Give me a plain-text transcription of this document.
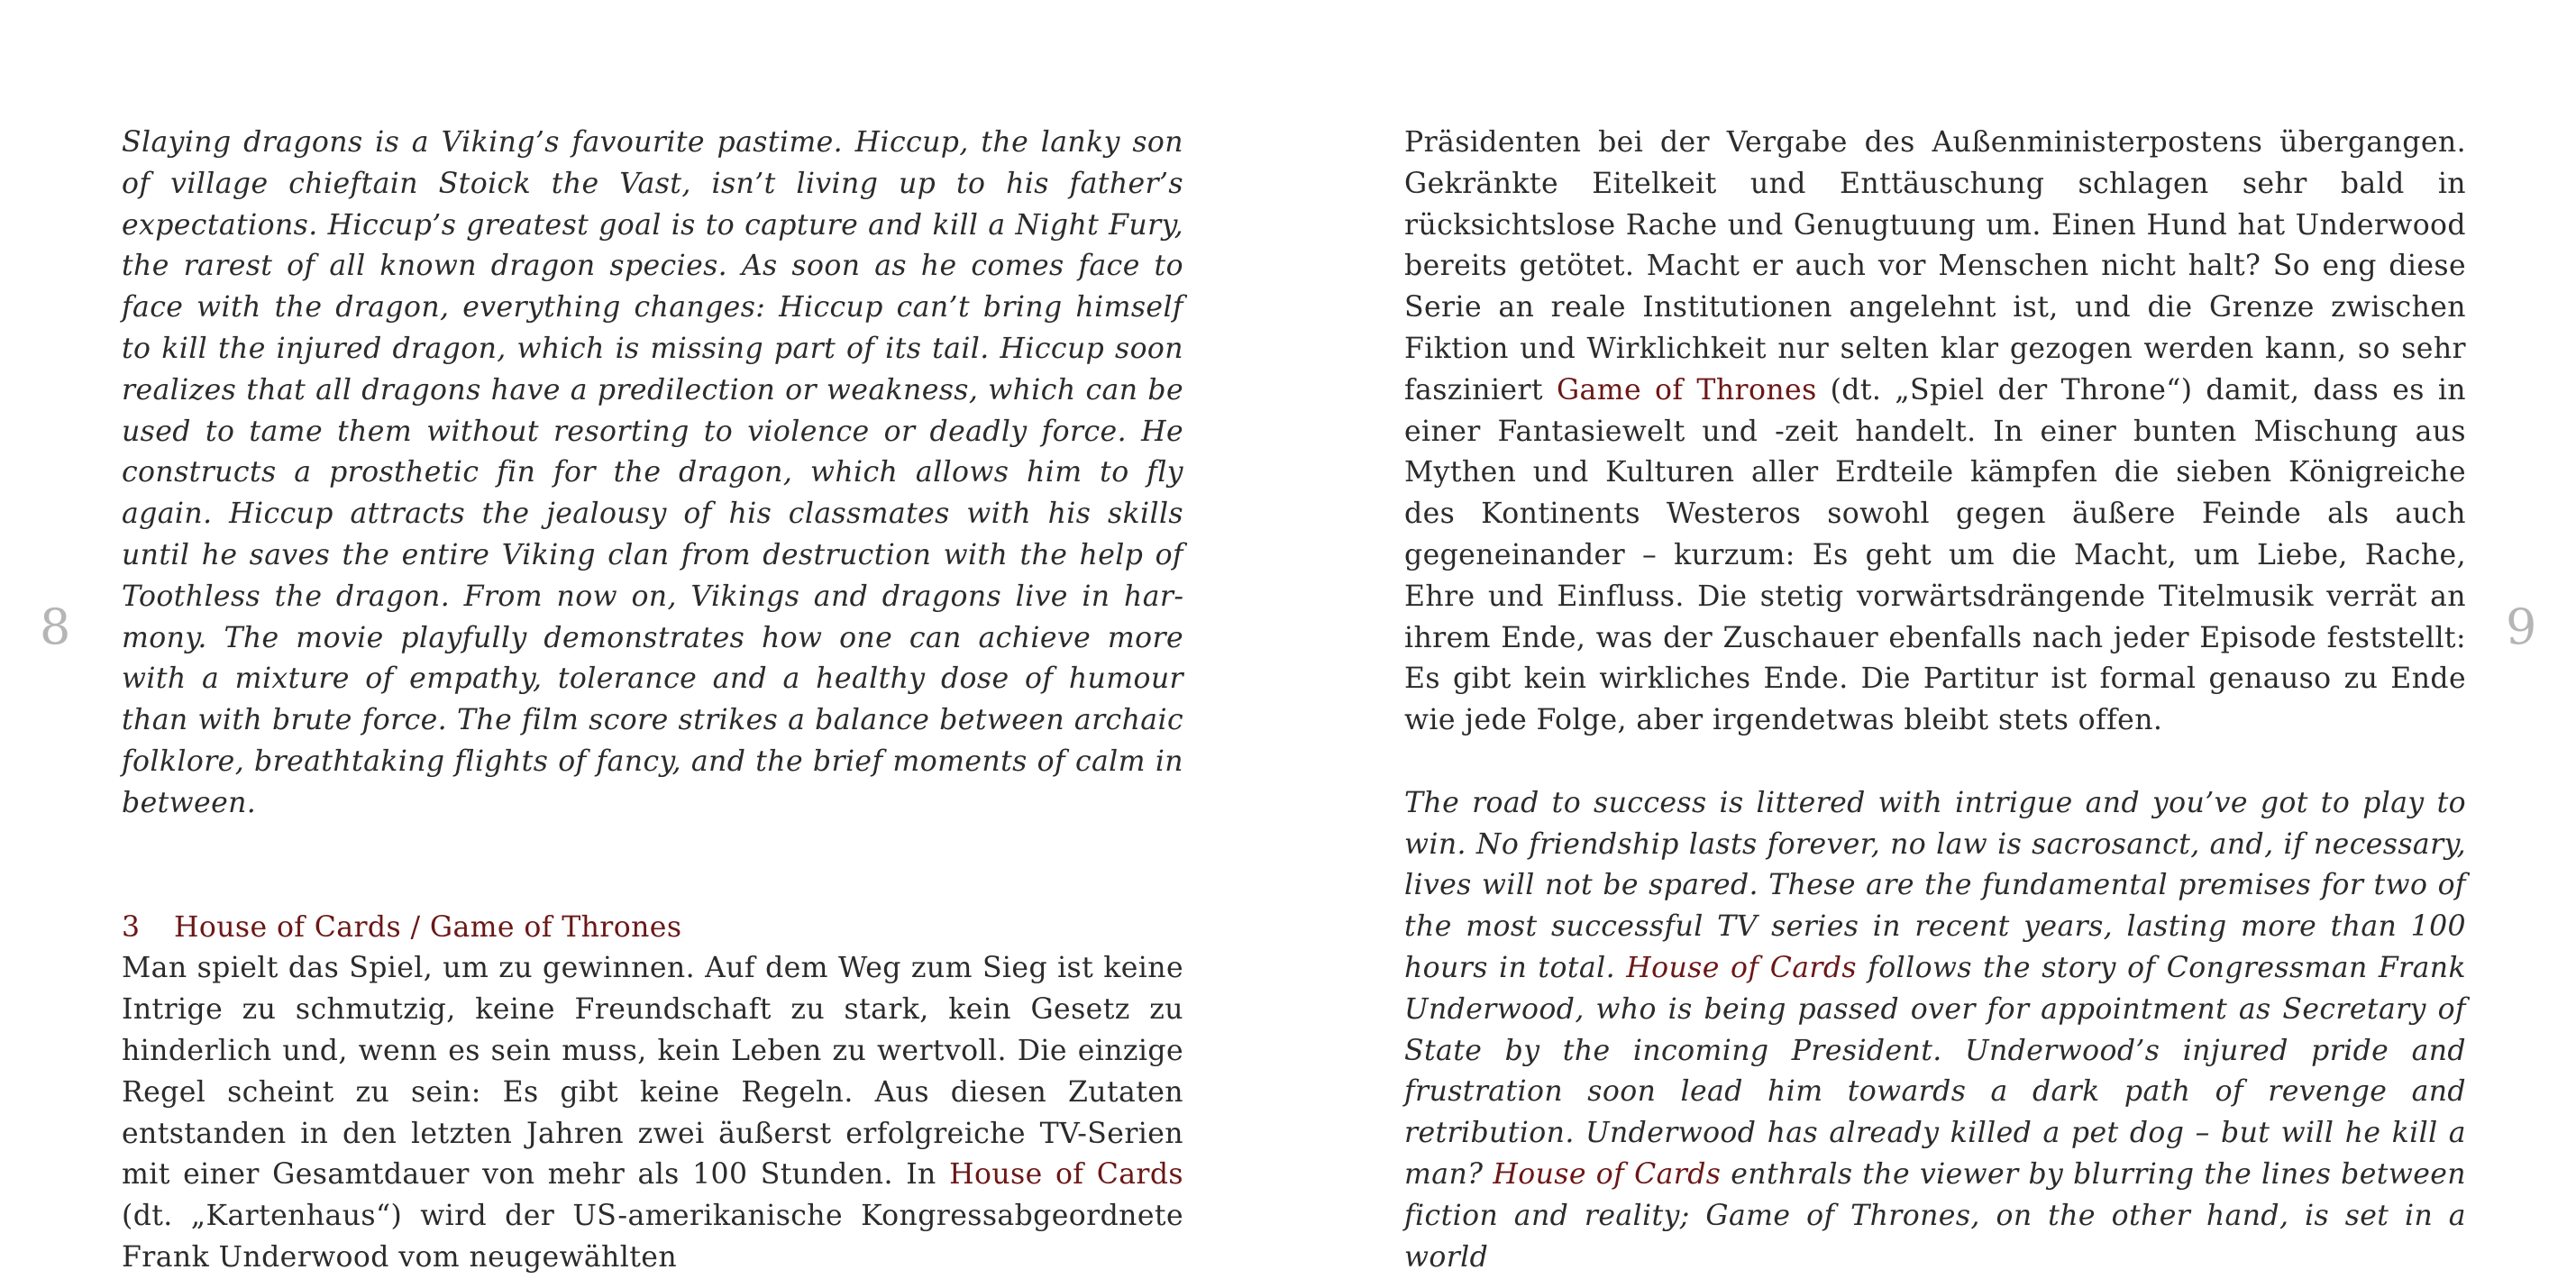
8

Slaying dragons is a Viking’s favourite pastime. Hiccup, the lanky son of village chieftain Stoick the Vast, isn’t living up to his father’s expectations. Hiccup’s greatest goal is to capture and kill a Night Fury, the rarest of all known dragon species. As soon as he comes face to face with the dragon, everything changes: Hiccup can’t bring himself to kill the injured dragon, which is missing part of its tail. Hiccup soon realizes that all dragons have a predilection or weakness, which can be used to tame them without resorting to violence or deadly force. He constructs a prosthetic fin for the dragon, which allows him to fly again. Hiccup attracts the jealousy of his classmates with his skills until he saves the entire Viking clan from destruction with the help of Toothless the dragon. From now on, Vikings and dragons live in harmony. The movie playfully demonstrates how one can achieve more with a mixture of empathy, tolerance and a healthy dose of humour than with brute force. The film score strikes a balance between archaic folklore, breathtaking flights of fancy, and the brief moments of calm in between.

3 House of Cards / Game of Thrones

Man spielt das Spiel, um zu gewinnen. Auf dem Weg zum Sieg ist keine Intrige zu schmutzig, keine Freundschaft zu stark, kein Gesetz zu hinderlich und, wenn es sein muss, kein Leben zu wertvoll. Die einzige Regel scheint zu sein: Es gibt keine Regeln. Aus diesen Zutaten entstanden in den letzten Jahren zwei äußerst erfolgreiche TV-Serien mit einer Gesamtdauer von mehr als 100 Stunden. In House of Cards (dt. „Kartenhaus“) wird der US-amerikanische Kongressabgeordnete Frank Underwood vom neugewählten

Präsidenten bei der Vergabe des Außenministerpostens übergangen. Gekränkte Eitelkeit und Enttäuschung schlagen sehr bald in rücksichtslose Rache und Genugtuung um. Einen Hund hat Underwood bereits getötet. Macht er auch vor Menschen nicht halt? So eng diese Serie an reale Institutionen angelehnt ist, und die Grenze zwischen Fiktion und Wirklichkeit nur selten klar gezogen werden kann, so sehr fasziniert Game of Thrones (dt. „Spiel der Throne“) damit, dass es in einer Fantasiewelt und -zeit handelt. In einer bunten Mischung aus Mythen und Kulturen aller Erdteile kämpfen die sieben Königreiche des Kontinents Westeros sowohl gegen äußere Feinde als auch gegeneinander – kurzum: Es geht um die Macht, um Liebe, Rache, Ehre und Einfluss. Die stetig vorwärtsdrängende Titelmusik verrät an ihrem Ende, was der Zuschauer ebenfalls nach jeder Episode feststellt: Es gibt kein wirkliches Ende. Die Partitur ist formal genauso zu Ende wie jede Folge, aber irgendetwas bleibt stets offen.

The road to success is littered with intrigue and you’ve got to play to win. No friendship lasts forever, no law is sacrosanct, and, if necessary, lives will not be spared. These are the fundamental premises for two of the most successful TV series in recent years, lasting more than 100 hours in total. House of Cards follows the story of Congressman Frank Underwood, who is being passed over for appointment as Secretary of State by the incoming President. Underwood’s injured pride and frustration soon lead him towards a dark path of revenge and retribution. Underwood has already killed a pet dog – but will he kill a man? House of Cards enthrals the viewer by blurring the lines between fiction and reality; Game of Thrones, on the other hand, is set in a world

9
